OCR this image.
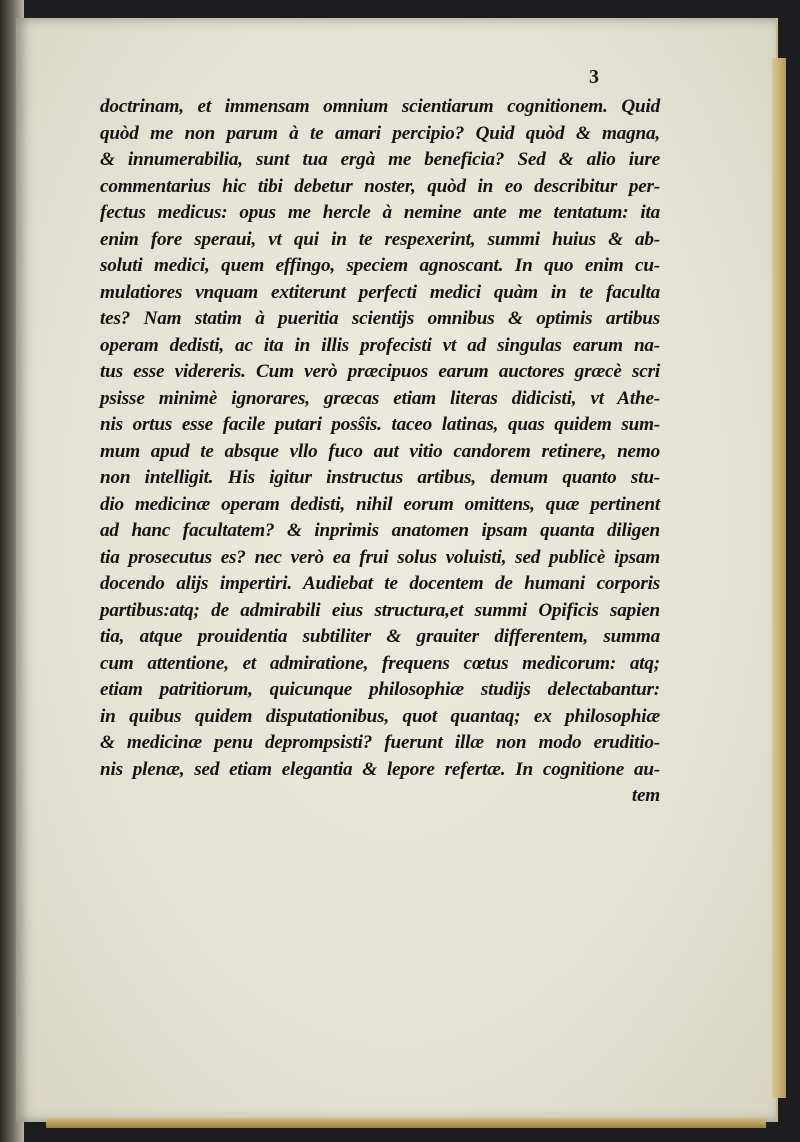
3
doctrinam, et immensam omnium scientiarum cognitionem. Quid
quòd me non parum à te amari percipio? Quid quòd & magna,
& innumerabilia, sunt tua ergà me beneficia? Sed & alio iure
commentarius hic tibi debetur noster, quòd in eo describitur per-
fectus medicus: opus me hercle à nemine ante me tentatum: ita
enim fore speraui, vt qui in te respexerint, summi huius & ab-
soluti medici, quem effingo, speciem agnoscant. In quo enim cu-
mulatiores vnquam extiterunt perfecti medici quàm in te faculta
tes? Nam statim à pueritia scientijs omnibus & optimis artibus
operam dedisti, ac ita in illis profecisti vt ad singulas earum na-
tus esse videreris. Cum verò præcipuos earum auctores græcè scri
psisse minimè ignorares, græcas etiam literas didicisti, vt Athe-
nis ortus esse facile putari posŝis. taceo latinas, quas quidem sum-
mum apud te absque vllo fuco aut vitio candorem retinere, nemo
non intelligit. His igitur instructus artibus, demum quanto stu-
dio medicinæ operam dedisti, nihil eorum omittens, quæ pertinent
ad hanc facultatem? & inprimis anatomen ipsam quanta diligen
tia prosecutus es? nec verò ea frui solus voluisti, sed publicè ipsam
docendo alijs impertiri. Audiebat te docentem de humani corporis
partibus:atq; de admirabili eius structura,et summi Opificis sapien
tia, atque prouidentia subtiliter & grauiter differentem, summa
cum attentione, et admiratione, frequens cœtus medicorum: atq;
etiam patritiorum, quicunque philosophiæ studijs delectabantur:
in quibus quidem disputationibus, quot quantaq; ex philosophiæ
& medicinæ penu deprompsisti? fuerunt illæ non modo eruditio-
nis plenæ, sed etiam elegantia & lepore refertæ. In cognitione au-
tem
